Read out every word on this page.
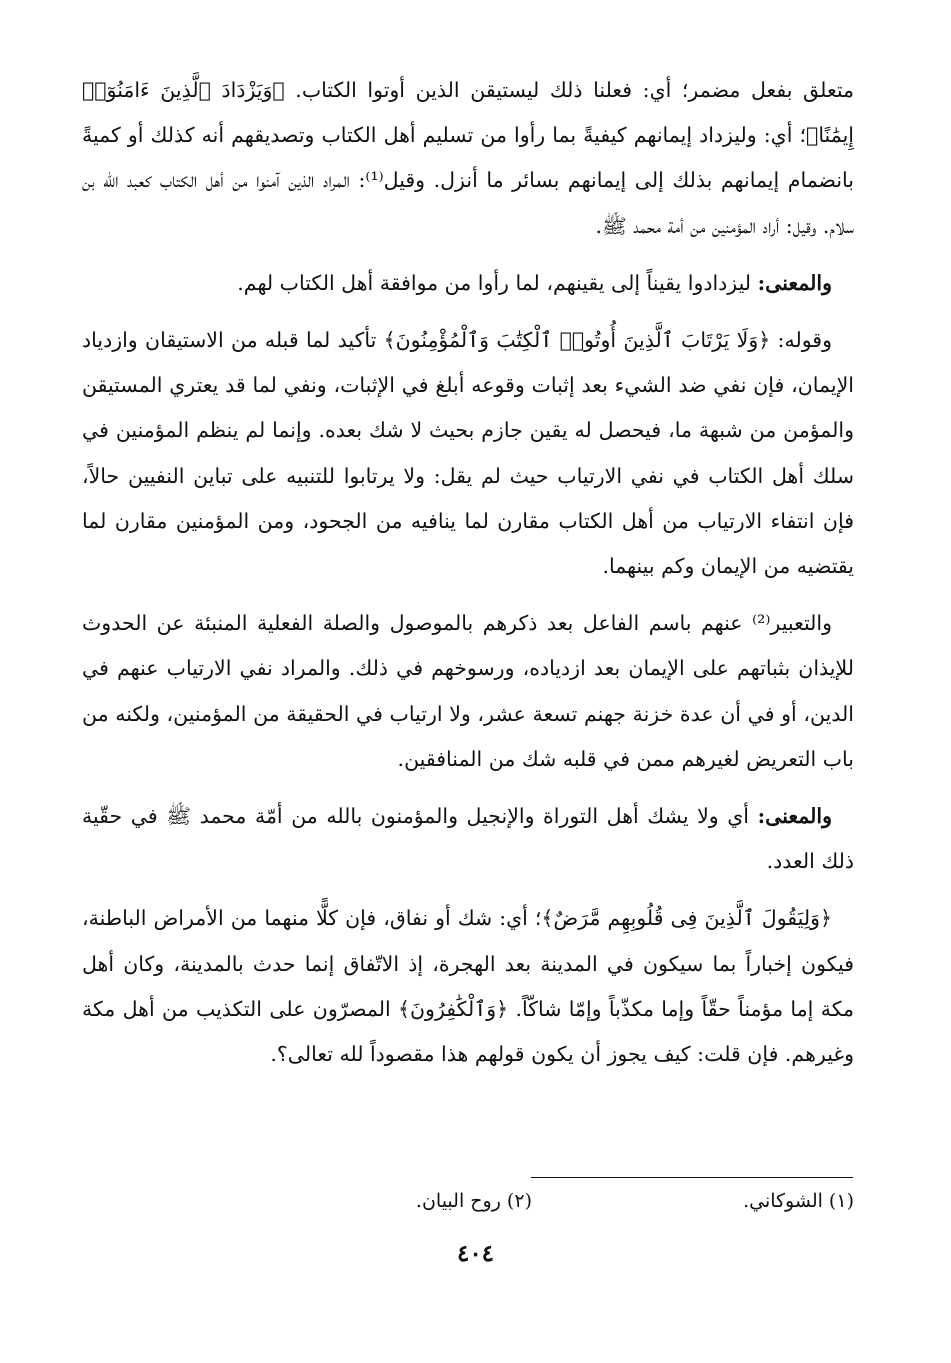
متعلق بفعل مضمر؛ أي: فعلنا ذلك ليستيقن الذين أوتوا الكتاب. ﴿وَيَزْدَادَ ٱلَّذِينَ ءَامَنُوٓا۟ إِيمَٰنًا﴾؛ أي: وليزداد إيمانهم كيفيةً بما رأوا من تسليم أهل الكتاب وتصديقهم أنه كذلك أو كميةً بانضمام إيمانهم بذلك إلى إيمانهم بسائر ما أنزل. وقيل⁽¹⁾: المراد الذين آمنوا من أهل الكتاب كعبد الله بن سلام. وقيل: أراد المؤمنين من أمة محمد ﷺ.

والمعنى: ليزدادوا يقيناً إلى يقينهم، لما رأوا من موافقة أهل الكتاب لهم.

وقوله: ﴿وَلَا يَرْتَابَ ٱلَّذِينَ أُوتُوا۟ ٱلْكِتَٰبَ وَٱلْمُؤْمِنُونَ﴾ تأكيد لما قبله من الاستيقان وازدياد الإيمان، فإن نفي ضد الشيء بعد إثبات وقوعه أبلغ في الإثبات، ونفي لما قد يعتري المستيقن والمؤمن من شبهة ما، فيحصل له يقين جازم بحيث لا شك بعده. وإنما لم ينظم المؤمنين في سلك أهل الكتاب في نفي الارتياب حيث لم يقل: ولا يرتابوا للتنبيه على تباين النفيين حالاً، فإن انتفاء الارتياب من أهل الكتاب مقارن لما ينافيه من الجحود، ومن المؤمنين مقارن لما يقتضيه من الإيمان وكم بينهما.

والتعبير⁽²⁾ عنهم باسم الفاعل بعد ذكرهم بالموصول والصلة الفعلية المنبئة عن الحدوث للإيذان بثباتهم على الإيمان بعد ازدياده، ورسوخهم في ذلك. والمراد نفي الارتياب عنهم في الدين، أو في أن عدة خزنة جهنم تسعة عشر، ولا ارتياب في الحقيقة من المؤمنين، ولكنه من باب التعريض لغيرهم ممن في قلبه شك من المنافقين.

والمعنى: أي ولا يشك أهل التوراة والإنجيل والمؤمنون بالله من أمّة محمد ﷺ في حقّية ذلك العدد.

﴿وَلِيَقُولَ ٱلَّذِينَ فِى قُلُوبِهِم مَّرَضٌ﴾؛ أي: شك أو نفاق، فإن كلًّا منهما من الأمراض الباطنة، فيكون إخباراً بما سيكون في المدينة بعد الهجرة، إذ الاتّفاق إنما حدث بالمدينة، وكان أهل مكة إما مؤمناً حقّاً وإما مكذّباً وإمّا شاكّاً. ﴿وَٱلْكَٰفِرُونَ﴾ المصرّون على التكذيب من أهل مكة وغيرهم. فإن قلت: كيف يجوز أن يكون قولهم هذا مقصوداً لله تعالى؟.

(١) الشوكاني.
(٢) روح البيان.
٤٠٤
